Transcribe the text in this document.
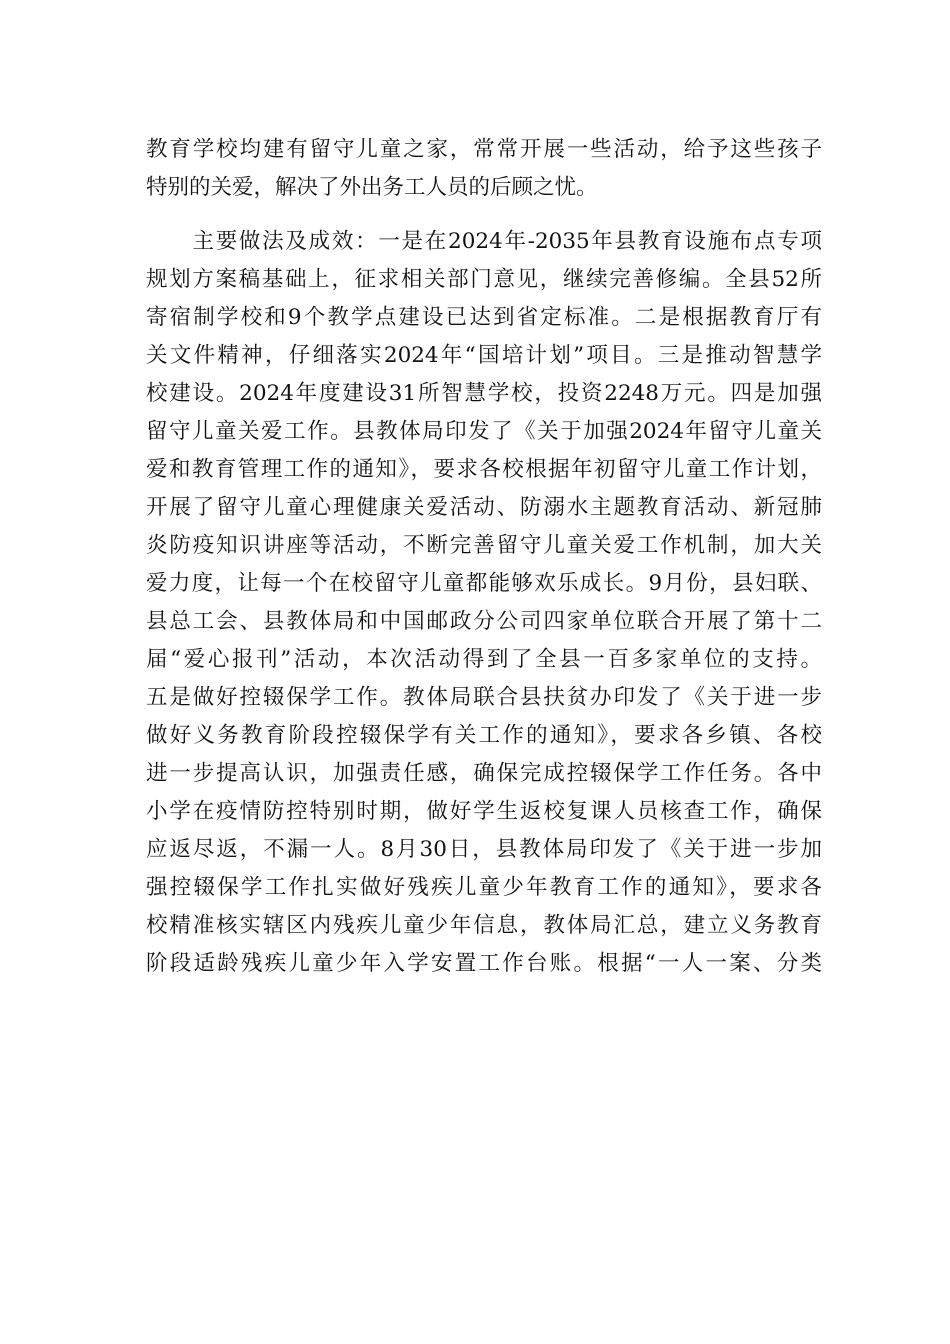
教育学校均建有留守儿童之家，常常开展一些活动，给予这些孩子
特别的关爱，解决了外出务工人员的后顾之忧。
　　主要做法及成效：一是在2024年-2035年县教育设施布点专项
规划方案稿基础上，征求相关部门意见，继续完善修编。全县52所
寄宿制学校和9个教学点建设已达到省定标准。二是根据教育厅有
关文件精神，仔细落实2024年“国培计划”项目。三是推动智慧学
校建设。2024年度建设31所智慧学校，投资2248万元。四是加强
留守儿童关爱工作。县教体局印发了《关于加强2024年留守儿童关
爱和教育管理工作的通知》，要求各校根据年初留守儿童工作计划，
开展了留守儿童心理健康关爱活动、防溺水主题教育活动、新冠肺
炎防疫知识讲座等活动，不断完善留守儿童关爱工作机制，加大关
爱力度，让每一个在校留守儿童都能够欢乐成长。9月份，县妇联、
县总工会、县教体局和中国邮政分公司四家单位联合开展了第十二
届“爱心报刊”活动，本次活动得到了全县一百多家单位的支持。
五是做好控辍保学工作。教体局联合县扶贫办印发了《关于进一步
做好义务教育阶段控辍保学有关工作的通知》，要求各乡镇、各校
进一步提高认识，加强责任感，确保完成控辍保学工作任务。各中
小学在疫情防控特别时期，做好学生返校复课人员核查工作，确保
应返尽返，不漏一人。8月30日，县教体局印发了《关于进一步加
强控辍保学工作扎实做好残疾儿童少年教育工作的通知》，要求各
校精准核实辖区内残疾儿童少年信息，教体局汇总，建立义务教育
阶段适龄残疾儿童少年入学安置工作台账。根据“一人一案、分类
